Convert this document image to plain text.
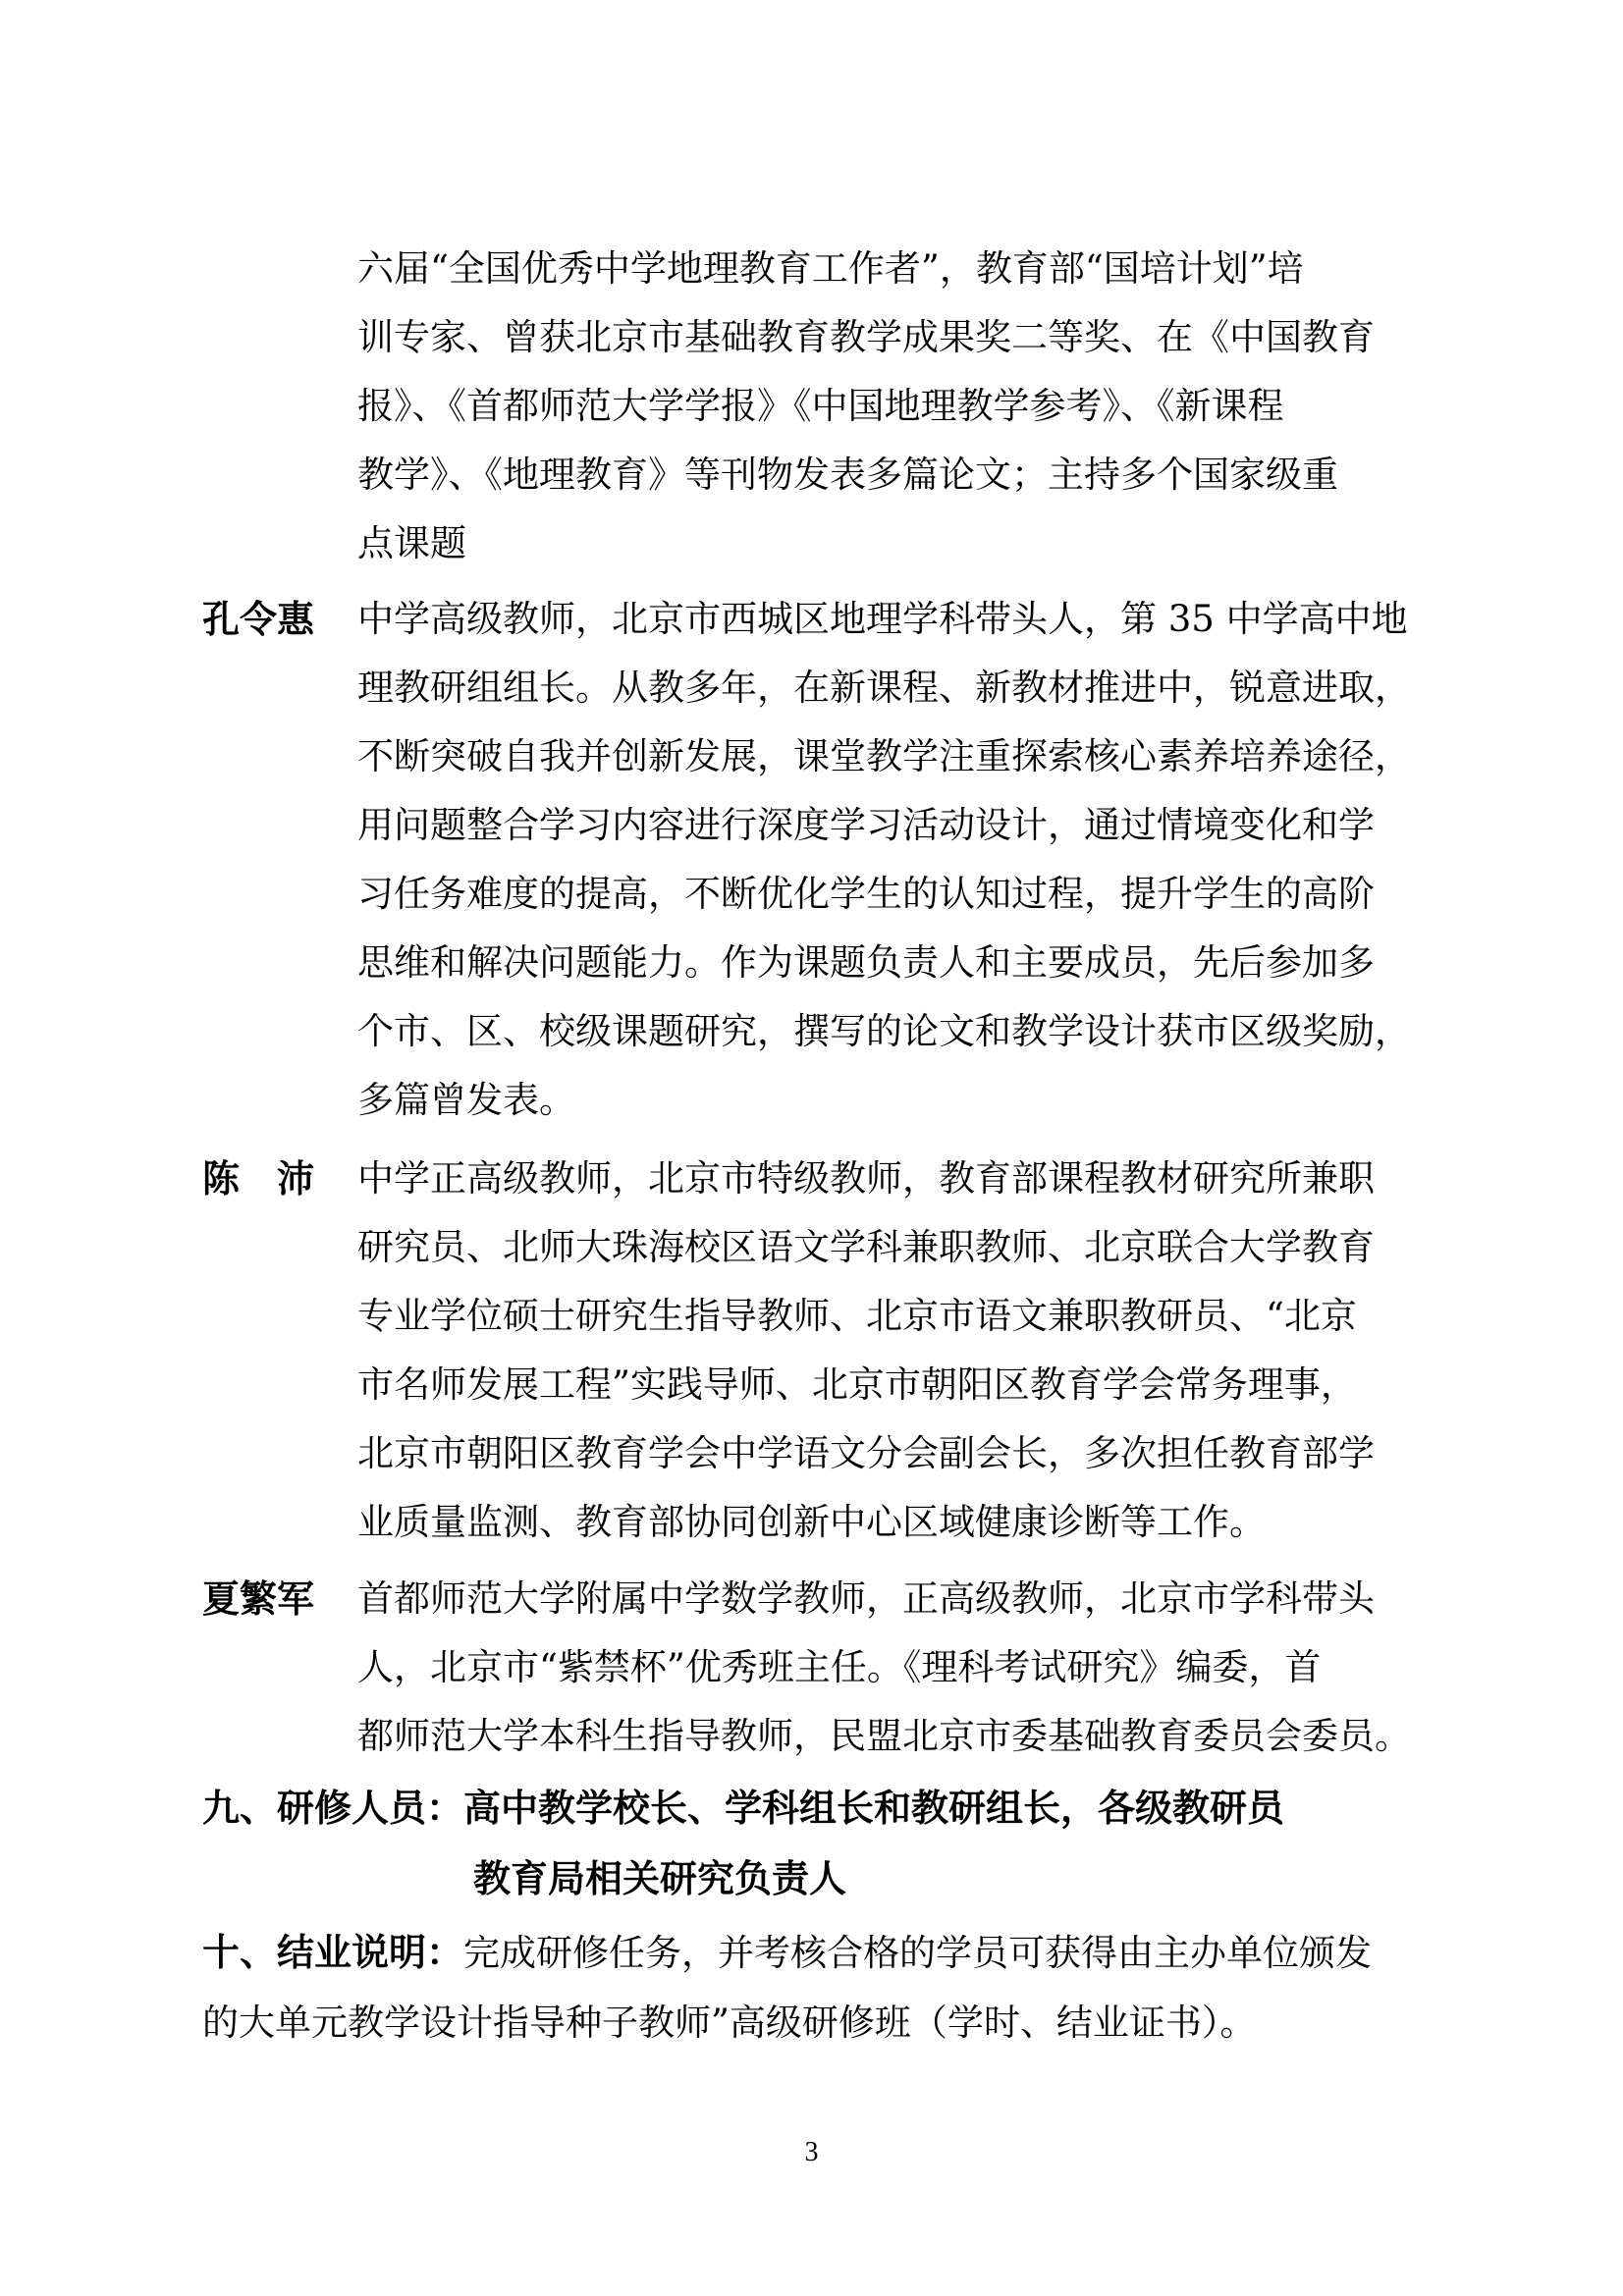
六届“全国优秀中学地理教育工作者”，教育部“国培计划”培
训专家、曾获北京市基础教育教学成果奖二等奖、在《中国教育
报》、《首都师范大学学报》《中国地理教学参考》、《新课程
教学》、《地理教育》等刊物发表多篇论文；主持多个国家级重
点课题
孔令惠 中学高级教师，北京市西城区地理学科带头人，第 35 中学高中地
理教研组组长。从教多年，在新课程、新教材推进中，锐意进取，
不断突破自我并创新发展，课堂教学注重探索核心素养培养途径，
用问题整合学习内容进行深度学习活动设计，通过情境变化和学
习任务难度的提高，不断优化学生的认知过程，提升学生的高阶
思维和解决问题能力。作为课题负责人和主要成员，先后参加多
个市、区、校级课题研究，撰写的论文和教学设计获市区级奖励，
多篇曾发表。
陈　沛 中学正高级教师，北京市特级教师，教育部课程教材研究所兼职
研究员、北师大珠海校区语文学科兼职教师、北京联合大学教育
专业学位硕士研究生指导教师、北京市语文兼职教研员、“北京
市名师发展工程”实践导师、北京市朝阳区教育学会常务理事，
北京市朝阳区教育学会中学语文分会副会长，多次担任教育部学
业质量监测、教育部协同创新中心区域健康诊断等工作。
夏繁军 首都师范大学附属中学数学教师，正高级教师，北京市学科带头
人，北京市“紫禁杯”优秀班主任。《理科考试研究》编委，首
都师范大学本科生指导教师，民盟北京市委基础教育委员会委员。
九、研修人员：高中教学校长、学科组长和教研组长，各级教研员
教育局相关研究负责人
十、结业说明：完成研修任务，并考核合格的学员可获得由主办单位颁发
的大单元教学设计指导种子教师”高级研修班（学时、结业证书）。
3
